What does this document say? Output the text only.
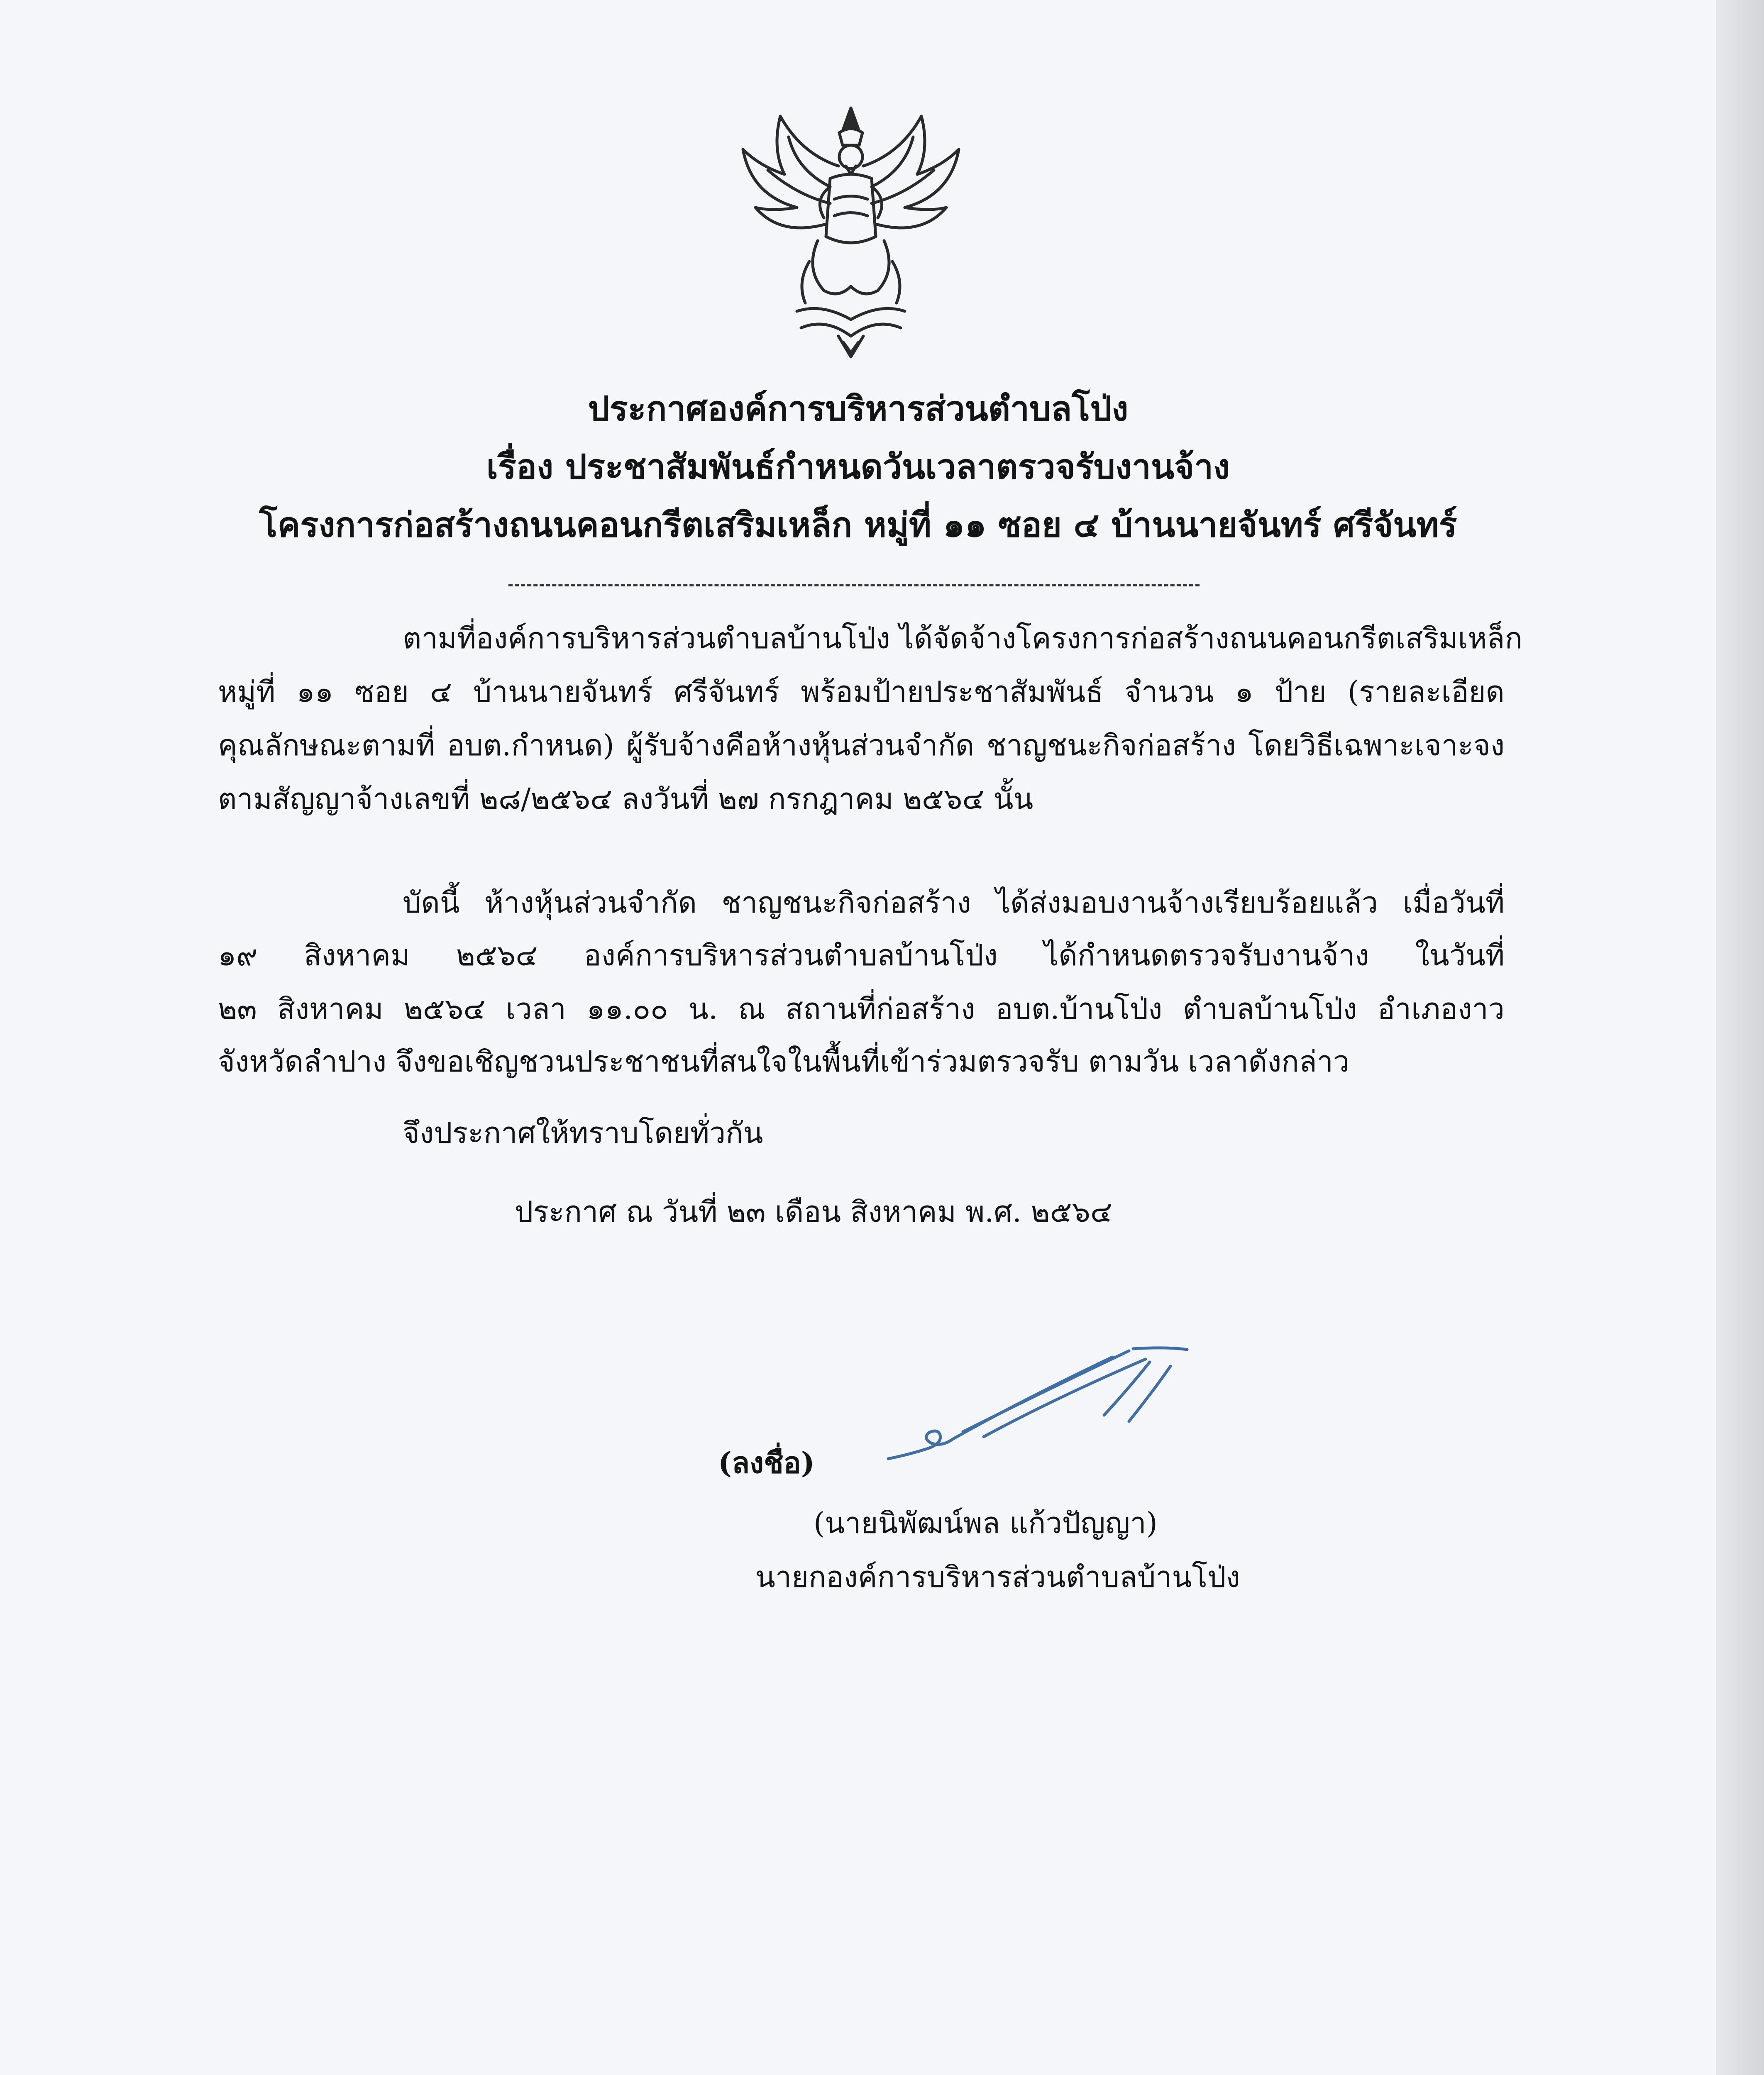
ประกาศองค์การบริหารส่วนตำบลโป่ง
เรื่อง ประชาสัมพันธ์กำหนดวันเวลาตรวจรับงานจ้าง
โครงการก่อสร้างถนนคอนกรีตเสริมเหล็ก หมู่ที่ ๑๑ ซอย ๔ บ้านนายจันทร์ ศรีจันทร์
ตามที่องค์การบริหารส่วนตำบลบ้านโป่ง ได้จัดจ้างโครงการก่อสร้างถนนคอนกรีตเสริมเหล็ก
หมู่ที่ ๑๑ ซอย ๔ บ้านนายจันทร์ ศรีจันทร์ พร้อมป้ายประชาสัมพันธ์ จำนวน ๑ ป้าย (รายละเอียด
คุณลักษณะตามที่ อบต.กำหนด) ผู้รับจ้างคือห้างหุ้นส่วนจำกัด ชาญชนะกิจก่อสร้าง โดยวิธีเฉพาะเจาะจง
ตามสัญญาจ้างเลขที่ ๒๘/๒๕๖๔ ลงวันที่ ๒๗ กรกฎาคม ๒๕๖๔ นั้น
บัดนี้ ห้างหุ้นส่วนจำกัด ชาญชนะกิจก่อสร้าง ได้ส่งมอบงานจ้างเรียบร้อยแล้ว เมื่อวันที่
๑๙ สิงหาคม ๒๕๖๔ องค์การบริหารส่วนตำบลบ้านโป่ง ได้กำหนดตรวจรับงานจ้าง ในวันที่
๒๓ สิงหาคม ๒๕๖๔ เวลา ๑๑.๐๐ น. ณ สถานที่ก่อสร้าง อบต.บ้านโป่ง ตำบลบ้านโป่ง อำเภองาว
จังหวัดลำปาง จึงขอเชิญชวนประชาชนที่สนใจในพื้นที่เข้าร่วมตรวจรับ ตามวัน เวลาดังกล่าว
จึงประกาศให้ทราบโดยทั่วกัน
ประกาศ ณ วันที่ ๒๓ เดือน สิงหาคม พ.ศ. ๒๕๖๔
(ลงชื่อ)
(นายนิพัฒน์พล แก้วปัญญา)
นายกองค์การบริหารส่วนตำบลบ้านโป่ง
